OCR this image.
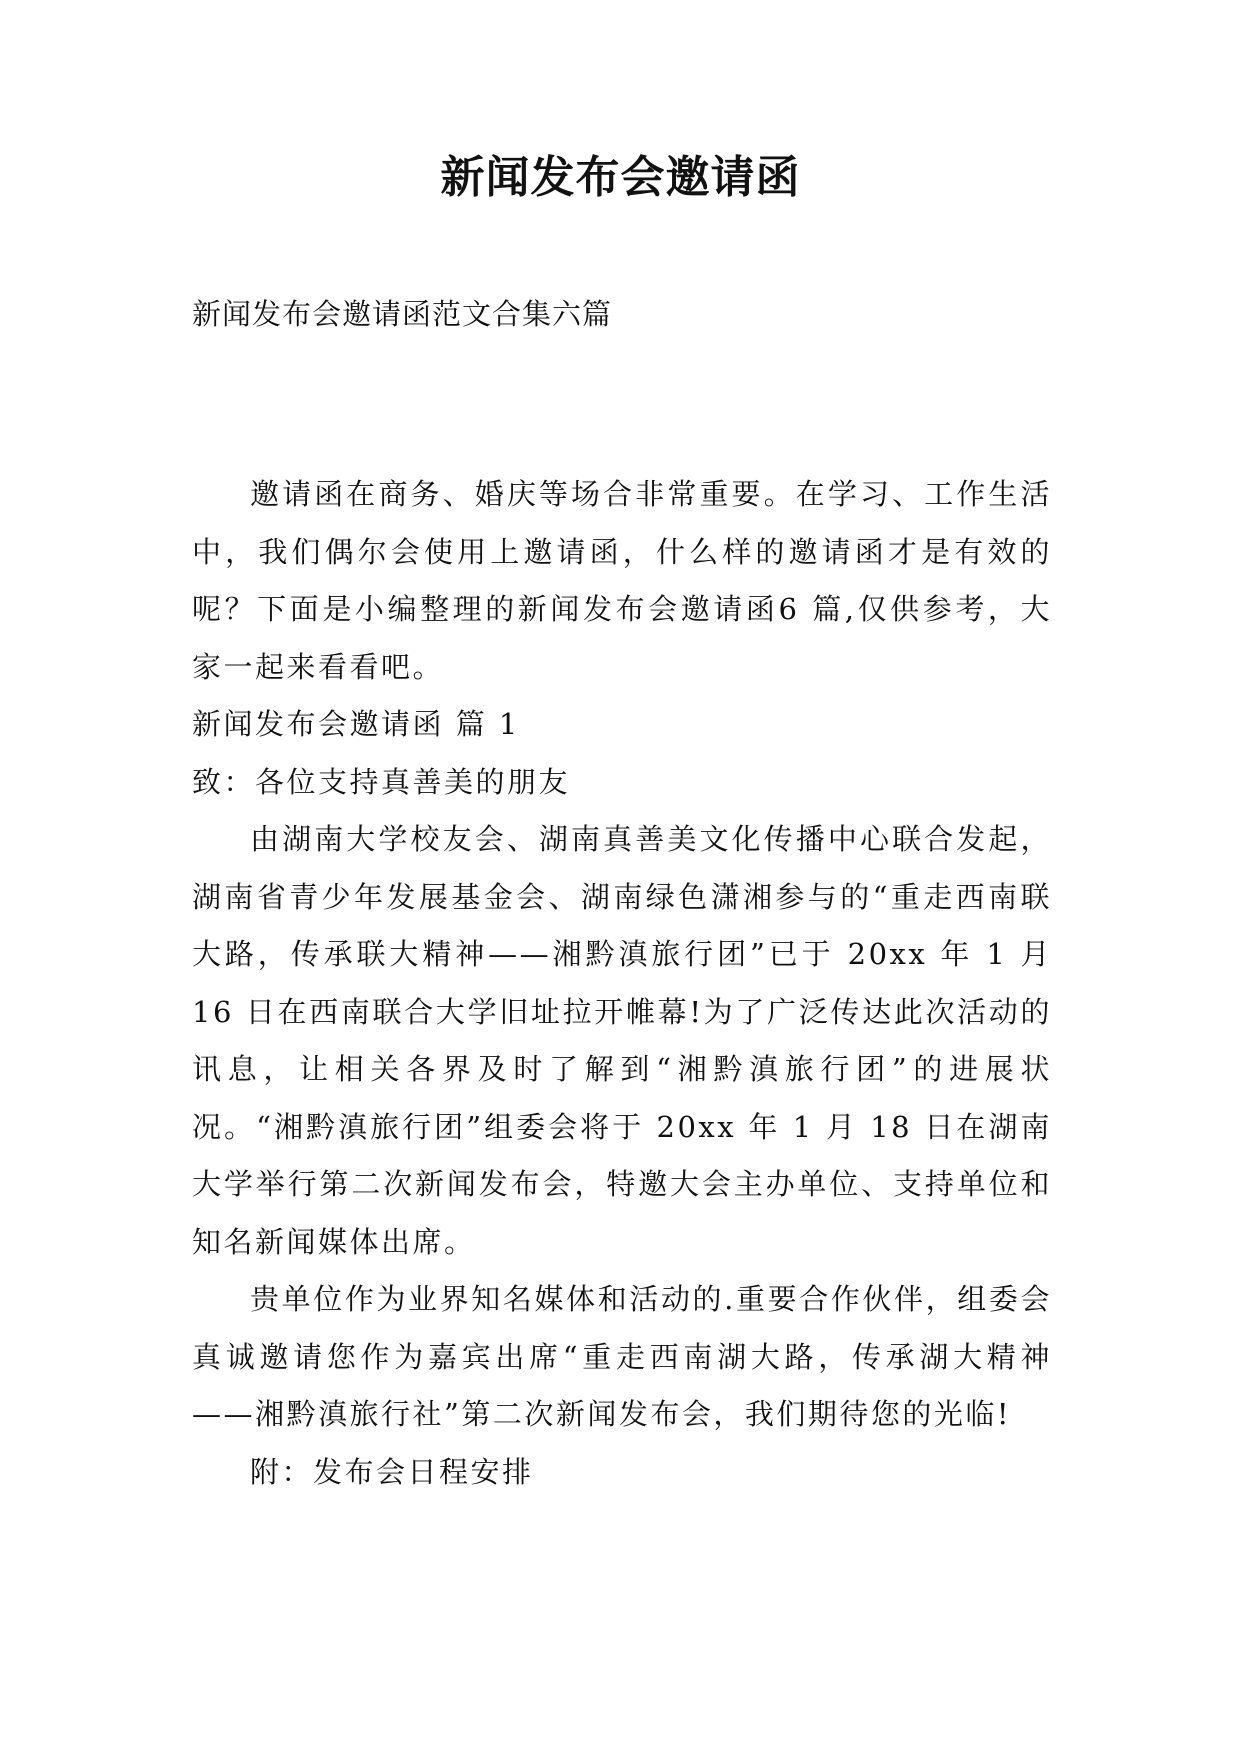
新闻发布会邀请函
新闻发布会邀请函范文合集六篇

邀请函在商务、婚庆等场合非常重要。在学习、工作生活中，我们偶尔会使用上邀请函，什么样的邀请函才是有效的呢？下面是小编整理的新闻发布会邀请函6 篇,仅供参考，大家一起来看看吧。

新闻发布会邀请函 篇 1

致：各位支持真善美的朋友

由湖南大学校友会、湖南真善美文化传播中心联合发起，湖南省青少年发展基金会、湖南绿色潇湘参与的“重走西南联大路，传承联大精神——湘黔滇旅行团”已于 20xx 年 1 月 16 日在西南联合大学旧址拉开帷幕!为了广泛传达此次活动的讯息，让相关各界及时了解到“湘黔滇旅行团”的进展状况。“湘黔滇旅行团”组委会将于 20xx 年 1 月 18 日在湖南大学举行第二次新闻发布会，特邀大会主办单位、支持单位和知名新闻媒体出席。

贵单位作为业界知名媒体和活动的.重要合作伙伴，组委会真诚邀请您作为嘉宾出席“重走西南湖大路，传承湖大精神——湘黔滇旅行社”第二次新闻发布会，我们期待您的光临!

附：发布会日程安排
